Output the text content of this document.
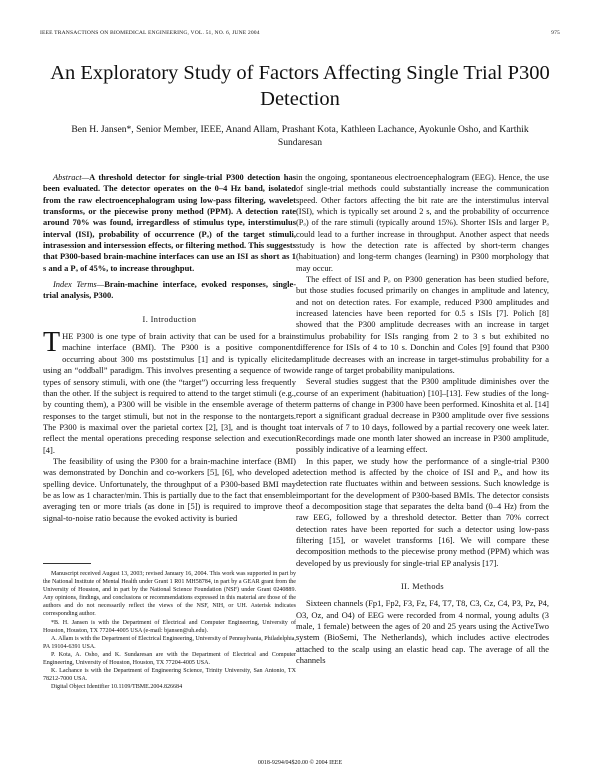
IEEE TRANSACTIONS ON BIOMEDICAL ENGINEERING, VOL. 51, NO. 6, JUNE 2004	975
An Exploratory Study of Factors Affecting Single Trial P300 Detection
Ben H. Jansen*, Senior Member, IEEE, Anand Allam, Prashant Kota, Kathleen Lachance, Ayokunle Osho, and Karthik Sundaresan

Abstract—A threshold detector for single-trial P300 detection has been evaluated. The detector operates on the 0–4 Hz band, isolated from the raw electroencephalogram using low-pass filtering, wavelet transforms, or the piecewise prony method (PPM). A detection rate around 70% was found, irregardless of stimulus type, interstimulus interval (ISI), probability of occurrence (Pₒ) of the target stimuli, intrasession and intersession effects, or filtering method. This suggests that P300-based brain-machine interfaces can use an ISI as short as 1 s and a Pₒ of 45%, to increase throughput.

Index Terms—Brain-machine interface, evoked responses, single-trial analysis, P300.

I. Introduction

THE P300 is one type of brain activity that can be used for a brain machine interface (BMI). The P300 is a positive component occurring about 300 ms poststimulus [1] and is typically elicited using an “oddball” paradigm. This involves presenting a sequence of two types of sensory stimuli, with one (the “target”) occurring less frequently than the other. If the subject is required to attend to the target stimuli (e.g., by counting them), a P300 will be visible in the ensemble average of the responses to the target stimuli, but not in the response to the nontargets. The P300 is maximal over the parietal cortex [2], [3], and is thought to reflect the mental operations preceding response selection and execution [4].

The feasibility of using the P300 for a brain-machine interface (BMI) was demonstrated by Donchin and co-workers [5], [6], who developed a spelling device. Unfortunately, the throughput of a P300-based BMI may be as low as 1 character/min. This is partially due to the fact that ensemble averaging ten or more trials (as done in [5]) is required to improve the signal-to-noise ratio because the evoked activity is buried

Manuscript received August 13, 2003; revised January 16, 2004. This work was supported in part by the National Institute of Mental Health under Grant 1 R01 MH58784, in part by a GEAR grant from the University of Houston, and in part by the National Science Foundation (NSF) under Grant 0240889. Any opinions, findings, and conclusions or recommendations expressed in this material are those of the authors and do not necessarily reflect the views of the NSF, NIH, or UH. Asterisk indicates corresponding author.

*B. H. Jansen is with the Department of Electrical and Computer Engineering, University of Houston, Houston, TX 77204-4005 USA (e-mail: bjansen@uh.edu).

A. Allam is with the Department of Electrical Engineering, University of Pennsylvania, Philadelphia, PA 19104-6391 USA.

P. Kota, A. Osho, and K. Sundaresan are with the Department of Electrical and Computer Engineering, University of Houston, Houston, TX 77204-4005 USA.

K. Lachance is with the Department of Engineering Science, Trinity University, San Antonio, TX 78212-7000 USA.

Digital Object Identifier 10.1109/TBME.2004.826684

in the ongoing, spontaneous electroencephalogram (EEG). Hence, the use of single-trial methods could substantially increase the communication speed. Other factors affecting the bit rate are the interstimulus interval (ISI), which is typically set around 2 s, and the probability of occurrence (Pₒ) of the rare stimuli (typically around 15%). Shorter ISIs and larger Pₒ could lead to a further increase in throughput. Another aspect that needs study is how the detection rate is affected by short-term changes (habituation) and long-term changes (learning) in P300 morphology that may occur.

The effect of ISI and Pₒ on P300 generation has been studied before, but those studies focused primarily on changes in amplitude and latency, and not on detection rates. For example, reduced P300 amplitudes and increased latencies have been reported for 0.5 s ISIs [7]. Polich [8] showed that the P300 amplitude decreases with an increase in target stimulus probability for ISIs ranging from 2 to 3 s but exhibited no difference for ISIs of 4 to 10 s. Donchin and Coles [9] found that P300 amplitude decreases with an increase in target-stimulus probability for a wide range of target probability manipulations.

Several studies suggest that the P300 amplitude diminishes over the course of an experiment (habituation) [10]–[13]. Few studies of the long-term patterns of change in P300 have been performed. Kinoshita et al. [14] report a significant gradual decrease in P300 amplitude over five sessions at intervals of 7 to 10 days, followed by a partial recovery one week later. Recordings made one month later showed an increase in P300 amplitude, possibly indicative of a learning effect.

In this paper, we study how the performance of a single-trial P300 detection method is affected by the choice of ISI and Pₒ, and how its detection rate fluctuates within and between sessions. Such knowledge is important for the development of P300-based BMIs. The detector consists of a decomposition stage that separates the delta band (0–4 Hz) from the raw EEG, followed by a threshold detector. Better than 70% correct detection rates have been reported for such a detector using low-pass filtering [15], or wavelet transforms [16]. We will compare these decomposition methods to the piecewise prony method (PPM) which was developed by us previously for single-trial EP analysis [17].

II. Methods

Sixteen channels (Fp1, Fp2, F3, Fz, F4, T7, T8, C3, Cz, C4, P3, Pz, P4, O3, Oz, and O4) of EEG were recorded from 4 normal, young adults (3 male, 1 female) between the ages of 20 and 25 years using the ActiveTwo system (BioSemi, The Netherlands), which includes active electrodes attached to the scalp using an elastic head cap. The average of all the channels

0018-9294/04$20.00 © 2004 IEEE
